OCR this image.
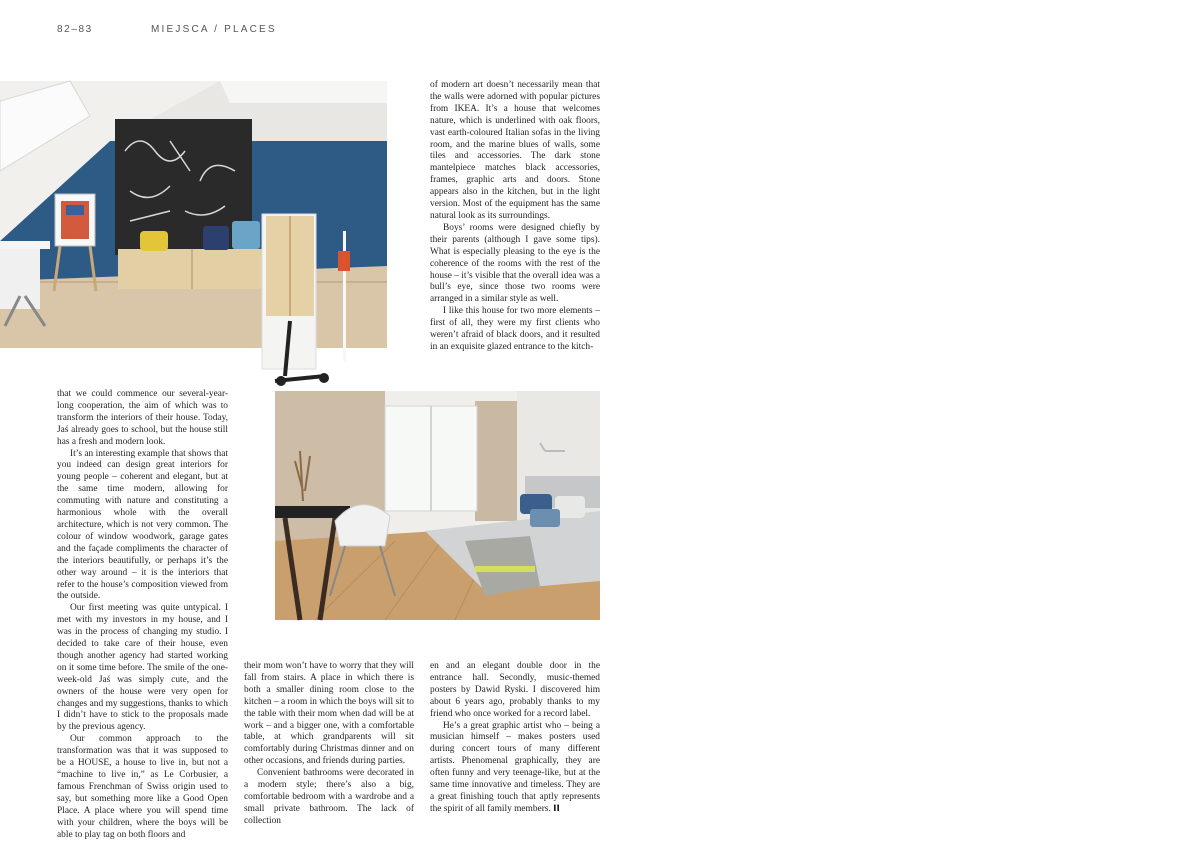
82–83	MIEJSCA / PLACES

of modern art doesn’t necessarily mean that the walls were adorned with popular pictures from IKEA. It’s a house that welcomes nature, which is underlined with oak floors, vast earth-coloured Italian sofas in the living room, and the marine blues of walls, some tiles and accessories. The dark stone mantelpiece matches black accessories, frames, graphic arts and doors. Stone appears also in the kitchen, but in the light version. Most of the equipment has the same natural look as its surroundings.

Boys’ rooms were designed chiefly by their parents (although I gave some tips). What is especially pleasing to the eye is the coherence of the rooms with the rest of the house – it’s visible that the overall idea was a bull’s eye, since those two rooms were arranged in a similar style as well.

I like this house for two more elements – first of all, they were my first clients who weren’t afraid of black doors, and it resulted in an exquisite glazed entrance to the kitch-

that we could commence our several-year-long cooperation, the aim of which was to transform the interiors of their house. Today, Jaś already goes to school, but the house still has a fresh and modern look.

It’s an interesting example that shows that you indeed can design great interiors for young people – coherent and elegant, but at the same time modern, allowing for commuting with nature and constituting a harmonious whole with the overall architecture, which is not very common. The colour of window woodwork, garage gates and the façade compliments the character of the interiors beautifully, or perhaps it’s the other way around – it is the interiors that refer to the house’s composition viewed from the outside.

Our first meeting was quite untypical. I met with my investors in my house, and I was in the process of changing my studio. I decided to take care of their house, even though another agency had started working on it some time before. The smile of the one-week-old Jaś was simply cute, and the owners of the house were very open for changes and my suggestions, thanks to which I didn’t have to stick to the proposals made by the previous agency.

Our common approach to the transformation was that it was supposed to be a HOUSE, a house to live in, but not a “machine to live in,” as Le Corbusier, a famous Frenchman of Swiss origin used to say, but something more like a Good Open Place. A place where you will spend time with your children, where the boys will be able to play tag on both floors and

their mom won’t have to worry that they will fall from stairs. A place in which there is both a smaller dining room close to the kitchen – a room in which the boys will sit to the table with their mom when dad will be at work – and a bigger one, with a comfortable table, at which grandparents will sit comfortably during Christmas dinner and on other occasions, and friends during parties.

Convenient bathrooms were decorated in a modern style; there’s also a big, comfortable bedroom with a wardrobe and a small private bathroom. The lack of collection

en and an elegant double door in the entrance hall. Secondly, music-themed posters by Dawid Ryski. I discovered him about 6 years ago, probably thanks to my friend who once worked for a record label.

He’s a great graphic artist who – being a musician himself – makes posters used during concert tours of many different artists. Phenomenal graphically, they are often funny and very teenage-like, but at the same time innovative and timeless. They are a great finishing touch that aptly represents the spirit of all family members. II
